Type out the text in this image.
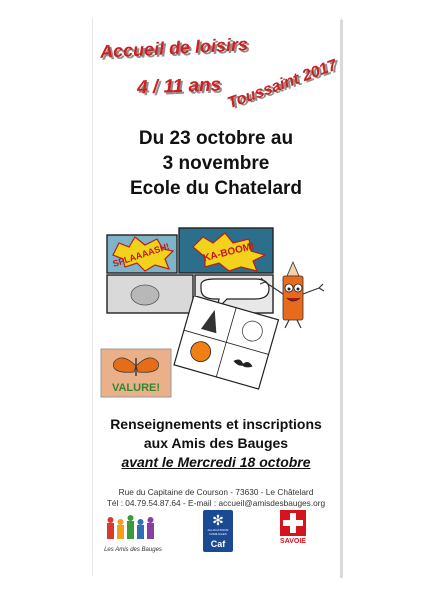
Accueil de loisirs
4 / 11 ans Toussaint 2017
Du 23 octobre au
3 novembre
Ecole du Chatelard
SPLAAAASH!	KA-BOOM!
VALURE!
Renseignements et inscriptions
aux Amis des Bauges
avant le Mercredi 18 octobre
Rue du Capitaine de Courson - 73630 - Le Châtelard
Tél : 04.79.54.87.64 - E-mail : accueil@amisdesbauges.org
Les Amis des Bauges
✻
ALLOCATIONS FAMILIALES
Caf	SAVOIE
